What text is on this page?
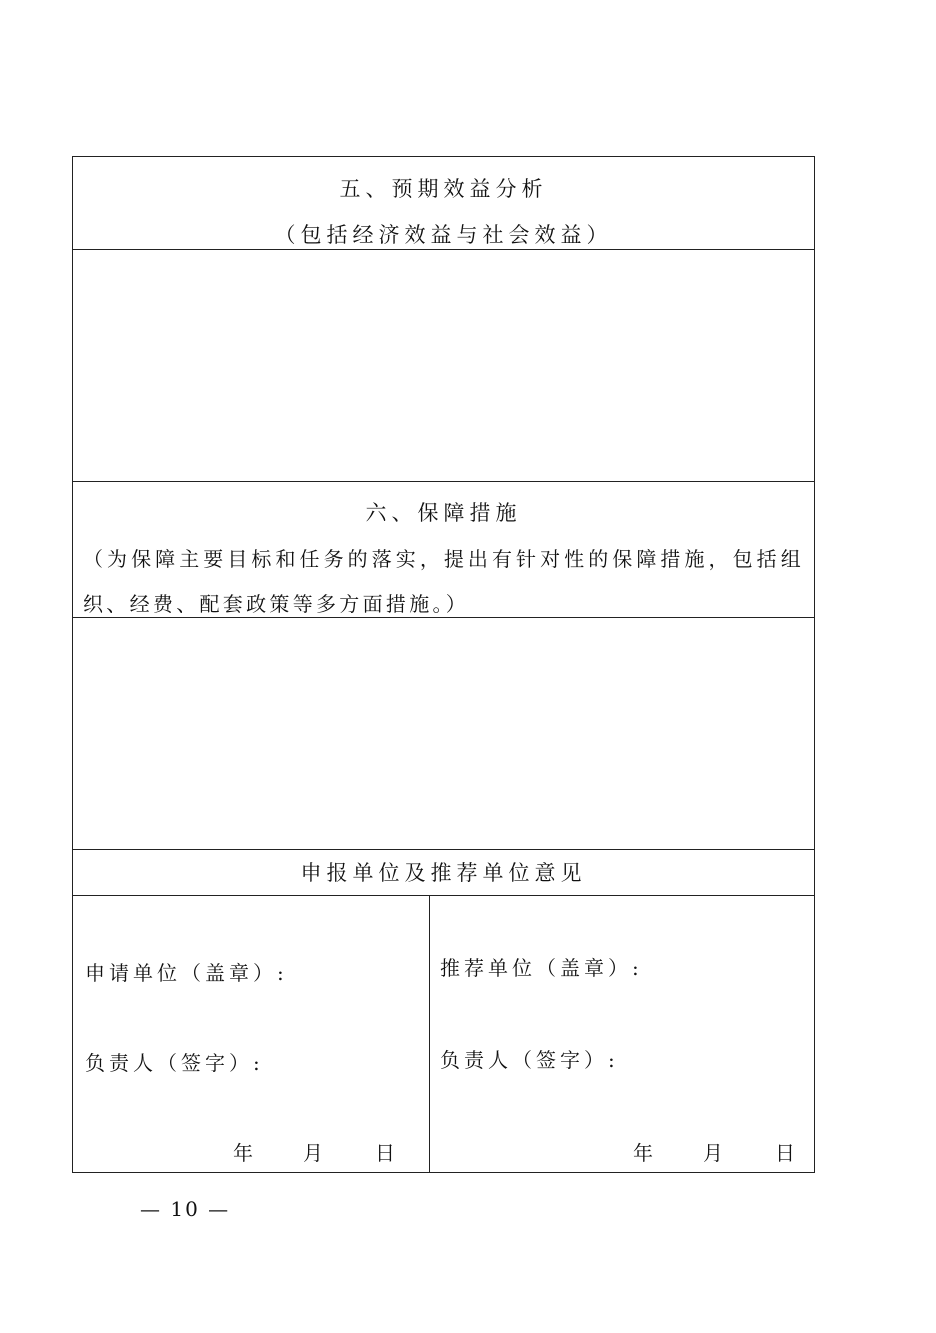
五、预期效益分析
（包括经济效益与社会效益）
六、保障措施
（为保障主要目标和任务的落实，提出有针对性的保障措施，包括组织、经费、配套政策等多方面措施。）
申报单位及推荐单位意见
申请单位（盖章）:
负责人（签字）:
年	月	日
推荐单位（盖章）:
负责人（签字）:
年	月	日
— 10 —
